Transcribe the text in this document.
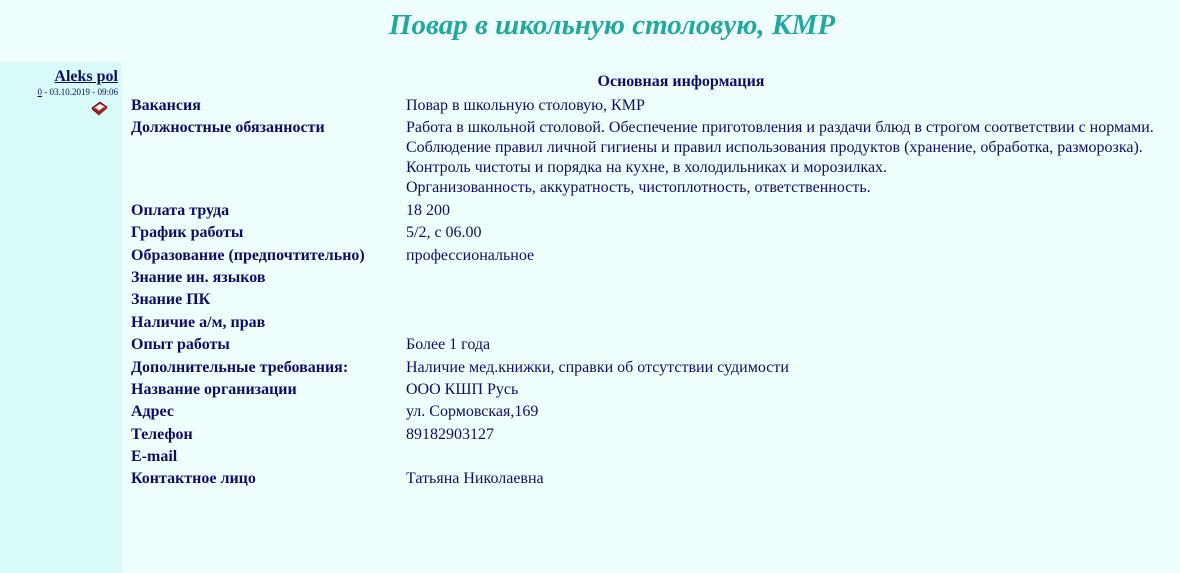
Повар в школьную столовую, КМР
Aleks pol
0 - 03.10.2019 - 09:06
Основная информация
Вакансия	Повар в школьную столовую, КМР
Должностные обязанности	Работа в школьной столовой. Обеспечение приготовления и раздачи блюд в строгом соответствии с нормами.
Соблюдение правил личной гигиены и правил использования продуктов (хранение, обработка, разморозка).
Контроль чистоты и порядка на кухне, в холодильниках и морозилках.
Организованность, аккуратность, чистоплотность, ответственность.
Оплата труда	18 200
График работы	5/2, с 06.00
Образование (предпочтительно)	профессиональное
Знание ин. языков
Знание ПК
Наличие а/м, прав
Опыт работы	Более 1 года
Дополнительные требования:	Наличие мед.книжки, справки об отсутствии судимости
Название организации	ООО КШП Русь
Адрес	ул. Сормовская,169
Телефон	89182903127
E-mail
Контактное лицо	Татьяна Николаевна
